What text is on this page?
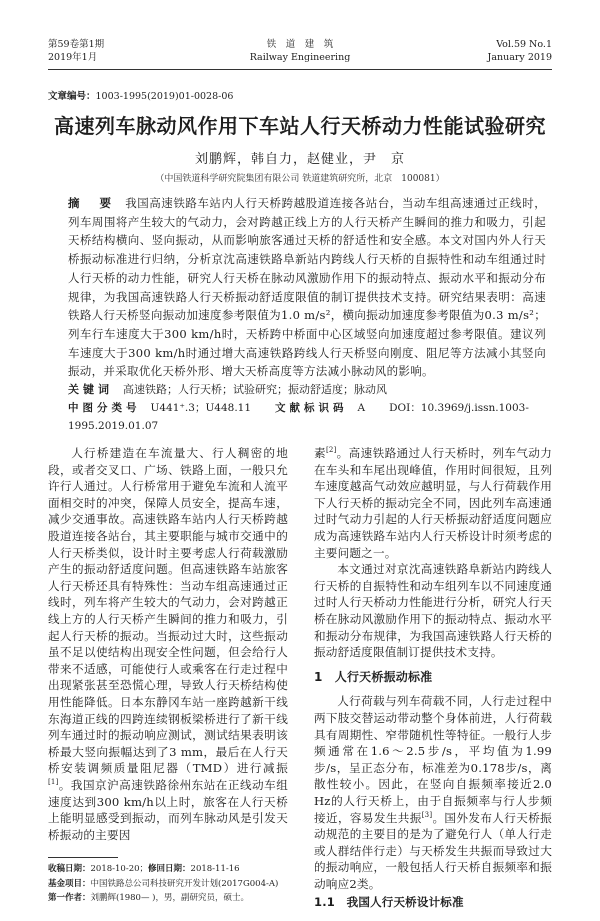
第59卷第1期
2019年1月
铁　道　建　筑
Railway Engineering
Vol.59 No.1
January 2019
文章编号：1003-1995(2019)01-0028-06
高速列车脉动风作用下车站人行天桥动力性能试验研究
刘鹏辉，韩自力，赵健业，尹　京
（中国铁道科学研究院集团有限公司 铁道建筑研究所，北京　100081）
摘　要 我国高速铁路车站内人行天桥跨越股道连接各站台，当动车组高速通过正线时，列车周围将产生较大的气动力，会对跨越正线上方的人行天桥产生瞬间的推力和吸力，引起天桥结构横向、竖向振动，从而影响旅客通过天桥的舒适性和安全感。本文对国内外人行天桥振动标准进行归纳，分析京沈高速铁路阜新站内跨线人行天桥的自振特性和动车组通过时人行天桥的动力性能，研究人行天桥在脉动风激励作用下的振动特点、振动水平和振动分布规律，为我国高速铁路人行天桥振动舒适度限值的制订提供技术支持。研究结果表明：高速铁路人行天桥竖向振动加速度参考限值为1.0 m/s²，横向振动加速度参考限值为0.3 m/s²；列车行车速度大于300 km/h时，天桥跨中桥面中心区域竖向加速度超过参考限值。建议列车速度大于300 km/h时通过增大高速铁路跨线人行天桥竖向刚度、阻尼等方法减小其竖向振动，并采取优化天桥外形、增大天桥高度等方法减小脉动风的影响。
关键词 高速铁路；人行天桥；试验研究；振动舒适度；脉动风
中图分类号 U441⁺.3；U448.11 文献标识码 A DOI：10.3969/j.issn.1003-1995.2019.01.07

人行桥建造在车流量大、行人稠密的地段，或者交叉口、广场、铁路上面，一般只允许行人通过。人行桥常用于避免车流和人流平面相交时的冲突，保障人员安全，提高车速，减少交通事故。高速铁路车站内人行天桥跨越股道连接各站台，其主要职能与城市交通中的人行天桥类似，设计时主要考虑人行荷载激励产生的振动舒适度问题。但高速铁路车站旅客人行天桥还具有特殊性：当动车组高速通过正线时，列车将产生较大的气动力，会对跨越正线上方的人行天桥产生瞬间的推力和吸力，引起人行天桥的振动。当振动过大时，这些振动虽不足以使结构出现安全性问题，但会给行人带来不适感，可能使行人或乘客在行走过程中出现紧张甚至恐慌心理，导致人行天桥结构使用性能降低。日本东静冈车站一座跨越新干线东海道正线的四跨连续钢板梁桥进行了新干线列车通过时的振动响应测试，测试结果表明该桥最大竖向振幅达到了3 mm，最后在人行天桥安装调频质量阻尼器（TMD）进行减振[1]。我国京沪高速铁路徐州东站在正线动车组速度达到300 km/h以上时，旅客在人行天桥上能明显感受到振动，而列车脉动风是引发天桥振动的主要因

收稿日期：2018-10-20；修回日期：2018-11-16
基金项目：中国铁路总公司科技研究开发计划(2017G004-A)
第一作者：刘鹏辉(1980— )，男，副研究员，硕士。

素[2]。高速铁路通过人行天桥时，列车气动力在车头和车尾出现峰值，作用时间很短，且列车速度越高气动效应越明显，与人行荷载作用下人行天桥的振动完全不同，因此列车高速通过时气动力引起的人行天桥振动舒适度问题应成为高速铁路车站内人行天桥设计时须考虑的主要问题之一。

本文通过对京沈高速铁路阜新站内跨线人行天桥的自振特性和动车组列车以不同速度通过时人行天桥动力性能进行分析，研究人行天桥在脉动风激励作用下的振动特点、振动水平和振动分布规律，为我国高速铁路人行天桥的振动舒适度限值制订提供技术支持。

1　人行天桥振动标准

人行荷载与列车荷载不同，人行走过程中两下肢交替运动带动整个身体前进，人行荷载具有周期性、窄带随机性等特征。一般行人步频通常在1.6～2.5步/s，平均值为1.99步/s，呈正态分布，标准差为0.178步/s，离散性较小。因此，在竖向自振频率接近2.0 Hz的人行天桥上，由于自振频率与行人步频接近，容易发生共振[3]。国外发布人行天桥振动规范的主要目的是为了避免行人（单人行走或人群结伴行走）与天桥发生共振而导致过大的振动响应，一般包括人行天桥自振频率和振动响应2类。

1.1　我国人行天桥设计标准
